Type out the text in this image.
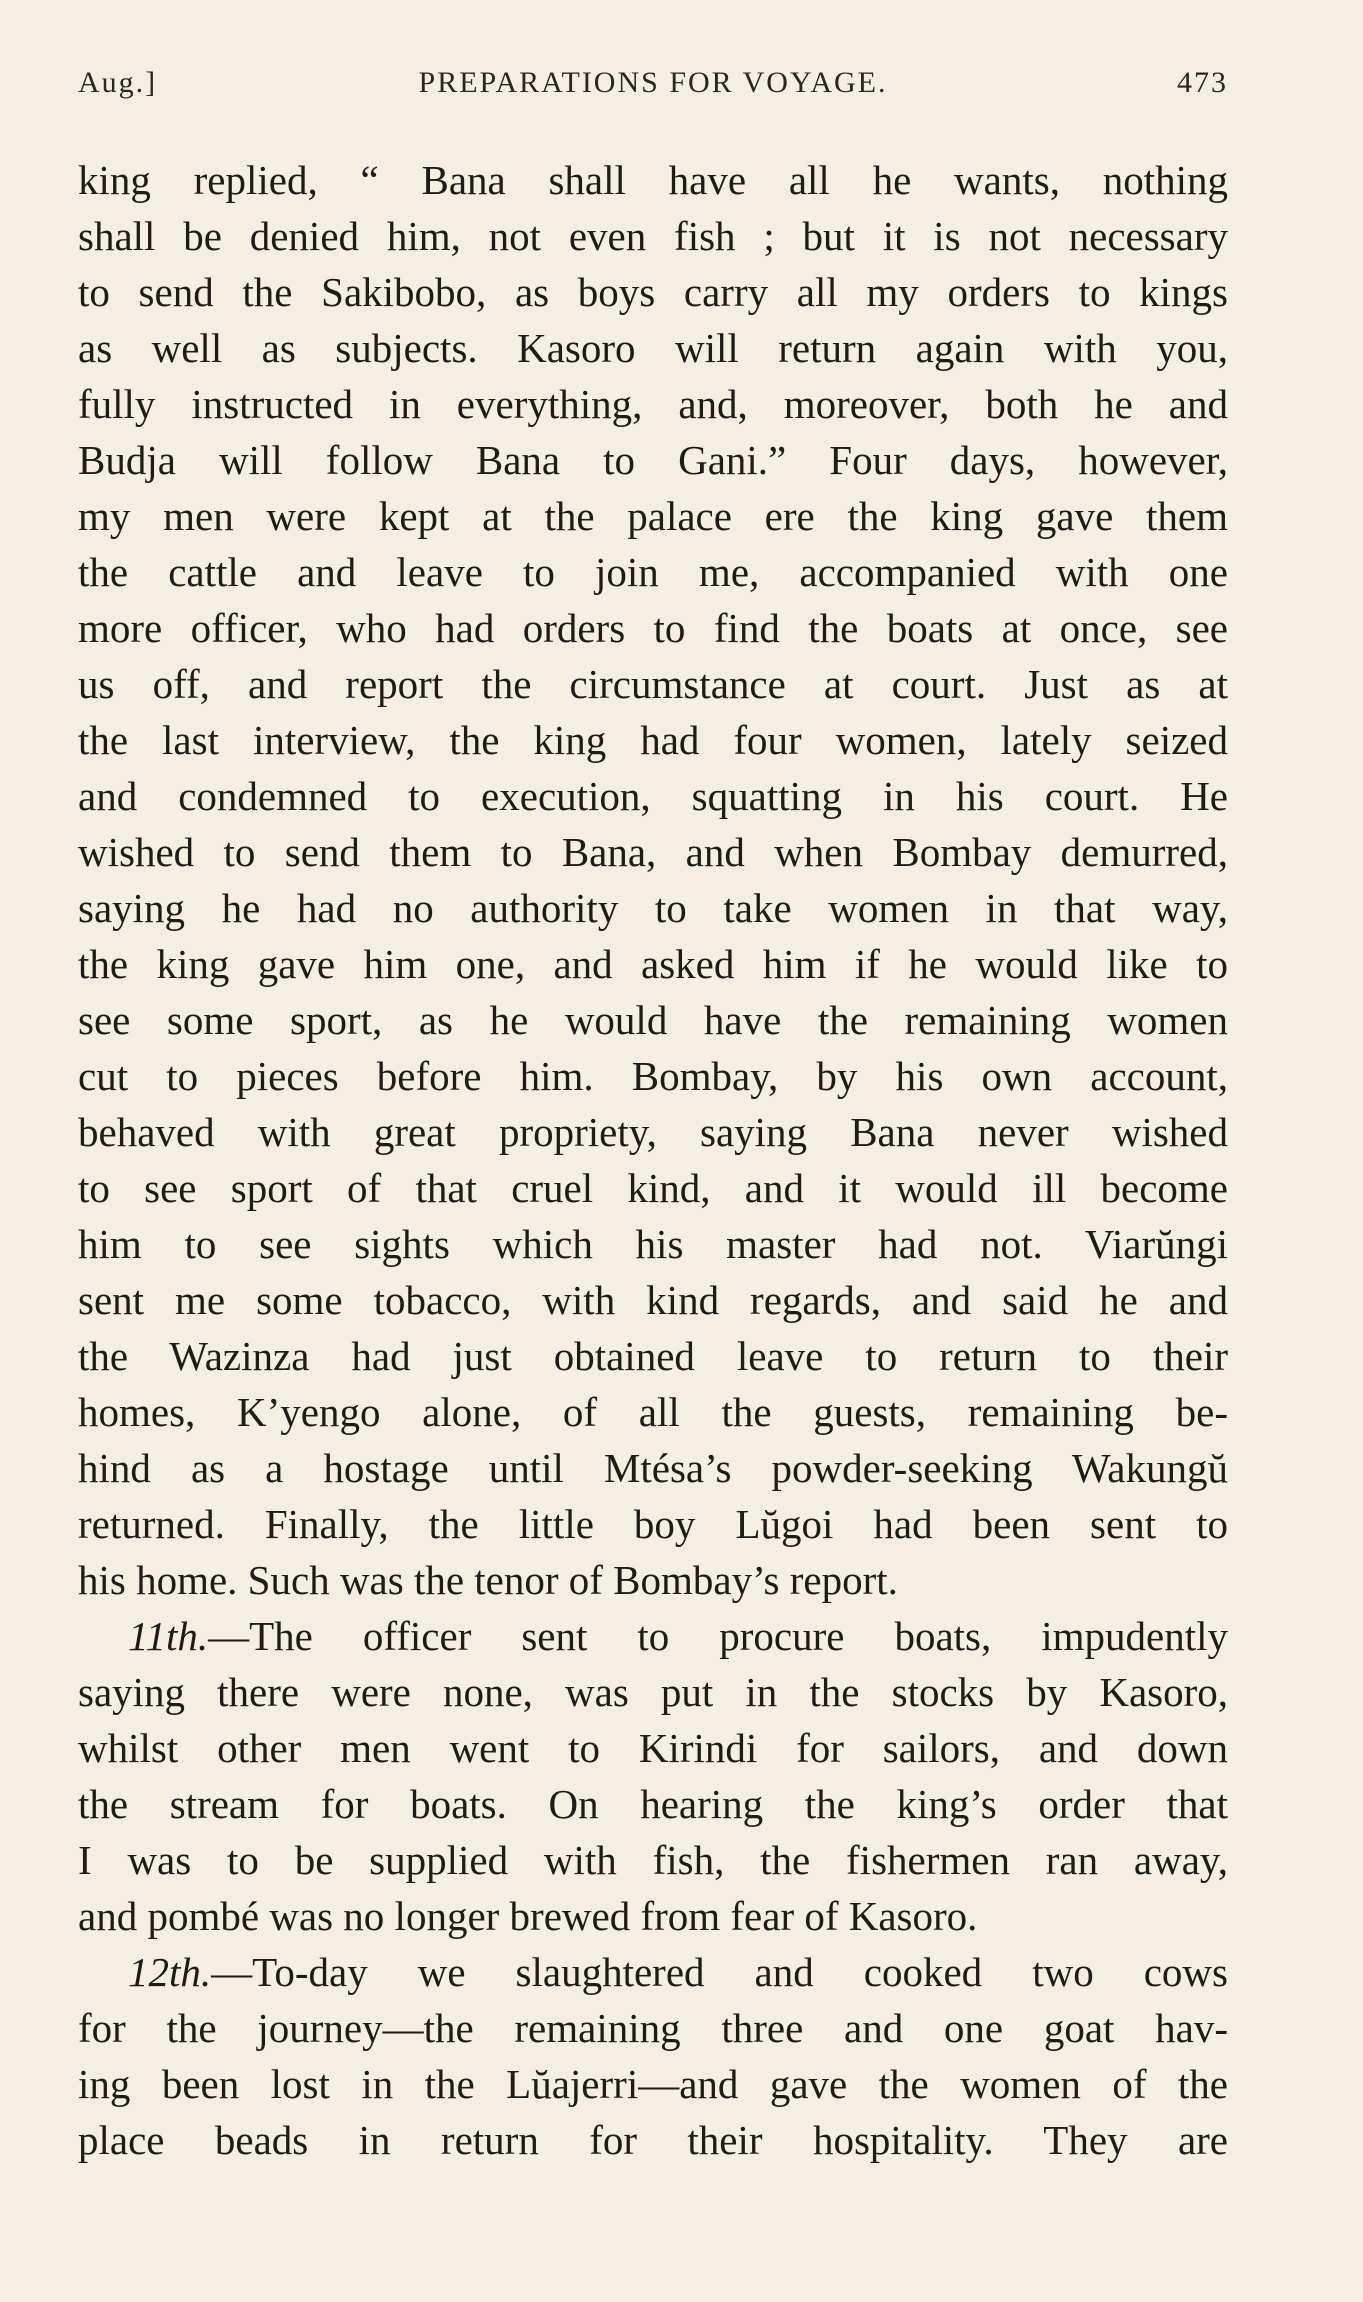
Aug.]	PREPARATIONS FOR VOYAGE.	473
king replied, “ Bana shall have all he wants, nothing
shall be denied him, not even fish ; but it is not necessary
to send the Sakibobo, as boys carry all my orders to kings
as well as subjects. Kasoro will return again with you,
fully instructed in everything, and, moreover, both he and
Budja will follow Bana to Gani.” Four days, however,
my men were kept at the palace ere the king gave them
the cattle and leave to join me, accompanied with one
more officer, who had orders to find the boats at once, see
us off, and report the circumstance at court. Just as at
the last interview, the king had four women, lately seized
and condemned to execution, squatting in his court. He
wished to send them to Bana, and when Bombay demurred,
saying he had no authority to take women in that way,
the king gave him one, and asked him if he would like to
see some sport, as he would have the remaining women
cut to pieces before him. Bombay, by his own account,
behaved with great propriety, saying Bana never wished
to see sport of that cruel kind, and it would ill become
him to see sights which his master had not. Viarŭngi
sent me some tobacco, with kind regards, and said he and
the Wazinza had just obtained leave to return to their
homes, K’yengo alone, of all the guests, remaining be-
hind as a hostage until Mtésa’s powder-seeking Wakungŭ
returned. Finally, the little boy Lŭgoi had been sent to
his home. Such was the tenor of Bombay’s report.
11th.—The officer sent to procure boats, impudently
saying there were none, was put in the stocks by Kasoro,
whilst other men went to Kirindi for sailors, and down
the stream for boats. On hearing the king’s order that
I was to be supplied with fish, the fishermen ran away,
and pombé was no longer brewed from fear of Kasoro.
12th.—To-day we slaughtered and cooked two cows
for the journey—the remaining three and one goat hav-
ing been lost in the Lŭajerri—and gave the women of the
place beads in return for their hospitality. They are
